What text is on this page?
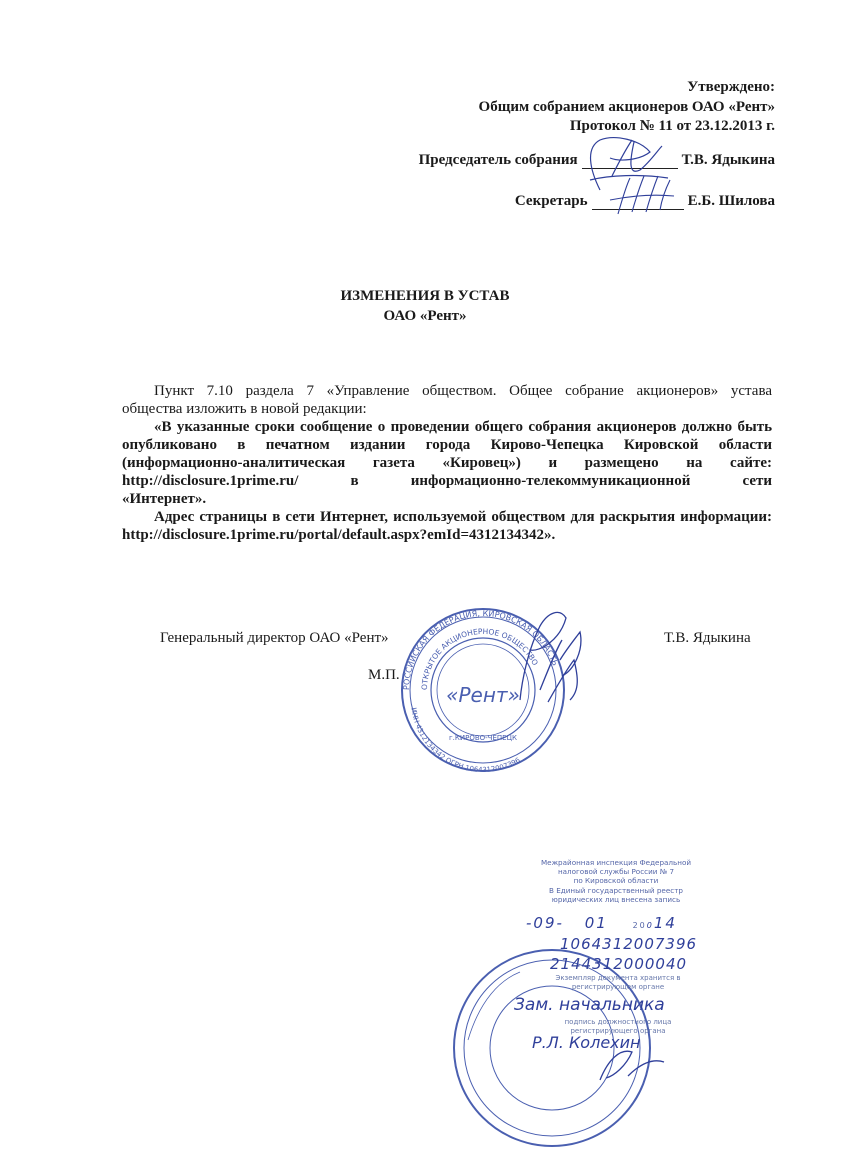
Утверждено:
Общим собранием акционеров ОАО «Рент»
Протокол № 11 от 23.12.2013 г.
Председатель собрания	Т.В. Ядыкина
Секретарь	Е.Б. Шилова
ИЗМЕНЕНИЯ В УСТАВ
ОАО «Рент»

Пункт 7.10 раздела 7 «Управление обществом. Общее собрание акционеров» устава

общества изложить в новой редакции:

«В указанные сроки сообщение о проведении общего собрания акционеров должно быть опубликовано в печатном издании города Кирово-Чепецка Кировской области (информационно-аналитическая газета «Кировец») и размещено на сайте:

http://disclosure.1prime.ru/ в информационно-телекоммуникационной сети

«Интернет».

Адрес страницы в сети Интернет, используемой обществом для раскрытия информации: http://disclosure.1prime.ru/portal/default.aspx?emId=4312134342».

Генеральный директор ОАО «Рент»	Т.В. Ядыкина
М.П.
РОССИЙСКАЯ ФЕДЕРАЦИЯ, КИРОВСКАЯ ОБЛАСТЬ
ОТКРЫТОЕ АКЦИОНЕРНОЕ ОБЩЕСТВО
ИНН 4312134342 ОГРН 1064312007396
г.КИРОВО-ЧЕПЕЦК
«Рент»
Межрайонная инспекция Федеральной
налоговой службы России № 7
по Кировской области
В Единый государственный реестр
юридических лиц внесена запись
-09- 01	20014
1064312007396
2144312000040
Экземпляр документа хранится в
регистрирующем органе
Зам. начальника
подпись должностного лица
регистрирующего органа
Р.Л. Колехин
